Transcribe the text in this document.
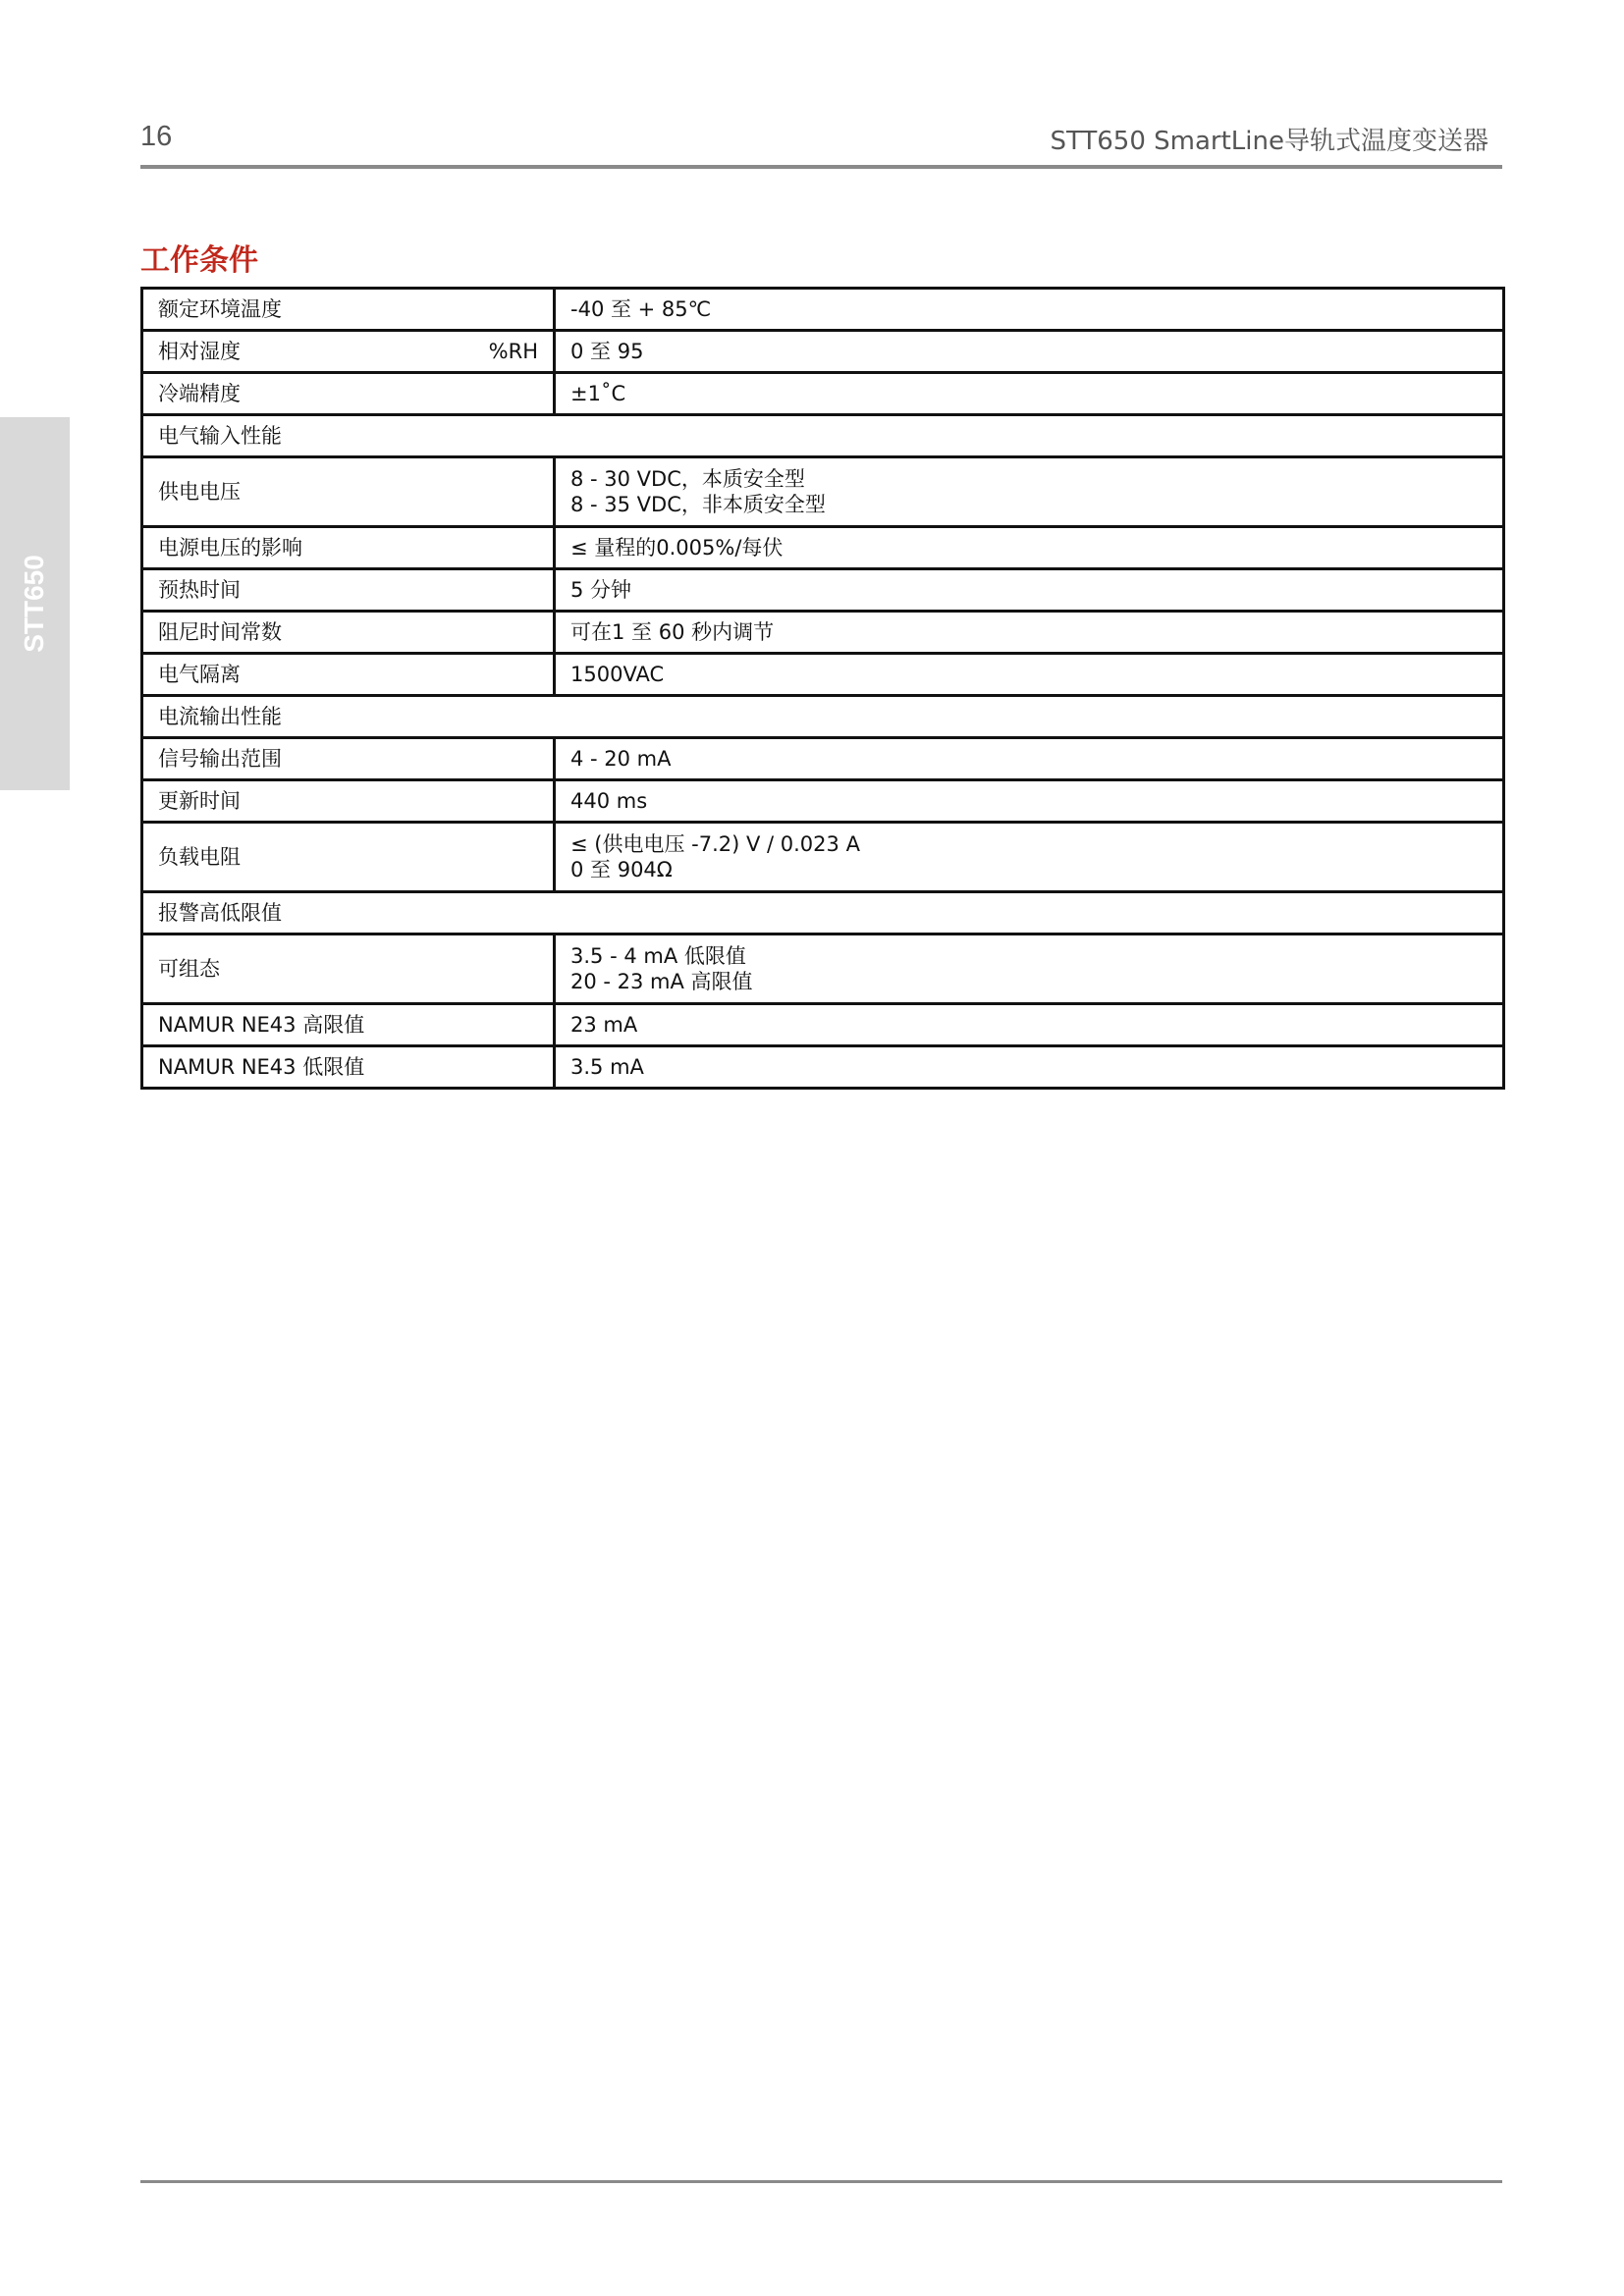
16	STT650 SmartLine导轨式温度变送器
STT650
工作条件
额定环境温度	-40 至 + 85℃

相对湿度 %RH	0 至 95

冷端精度	±1˚C

电气输入性能	
供电电压	8 - 30 VDC，本质安全型
8 - 35 VDC，非本质安全型

电源电压的影响	≤ 量程的0.005%/每伏

预热时间	5 分钟

阻尼时间常数	可在1 至 60 秒内调节

电气隔离	1500VAC

电流输出性能	
信号输出范围	4 - 20 mA

更新时间	440 ms

负载电阻	≤ (供电电压 -7.2) V / 0.023 A
0 至 904Ω

报警高低限值	
可组态	3.5 - 4 mA 低限值
20 - 23 mA 高限值

NAMUR NE43 高限值	23 mA

NAMUR NE43 低限值	3.5 mA
